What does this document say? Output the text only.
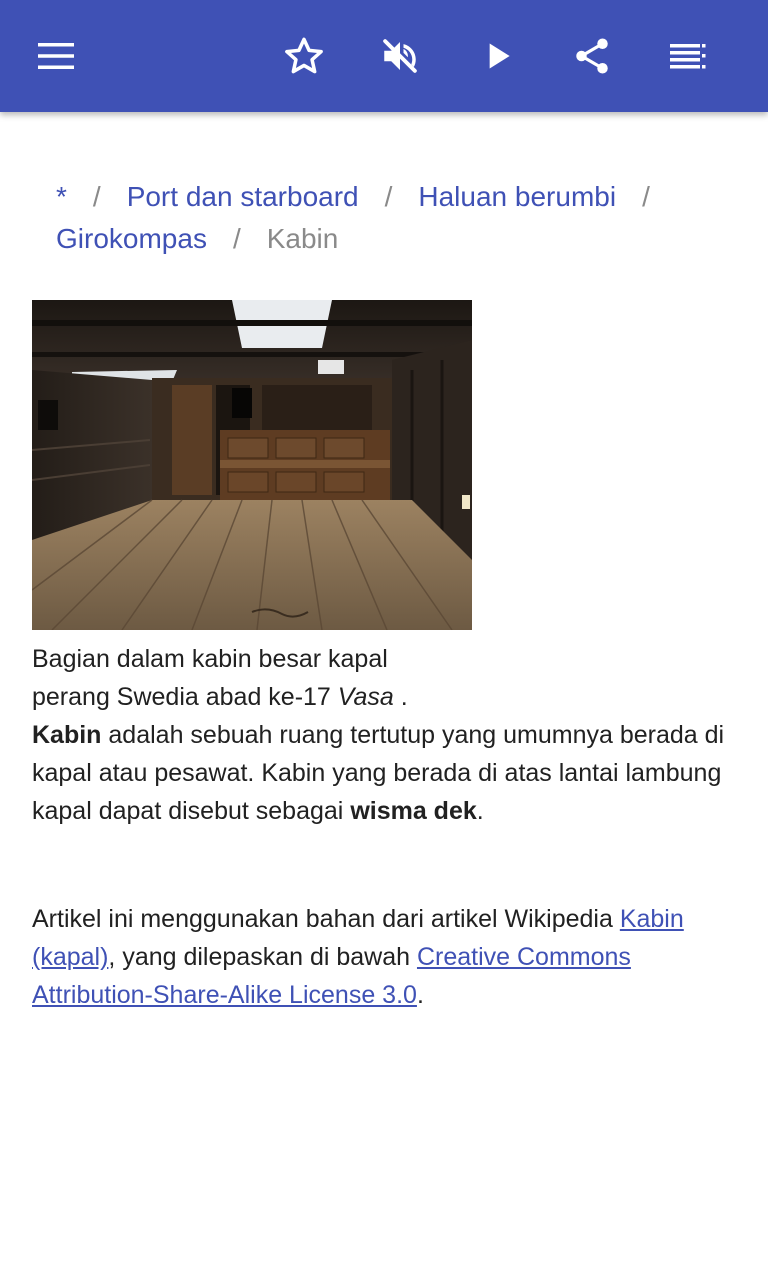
* / Port dan starboard / Haluan berumbi /
Girokompas / Kabin
Bagian dalam kabin besar kapal perang Swedia abad ke-17 Vasa .
Kabin adalah sebuah ruang tertutup yang umumnya berada di kapal atau pesawat. Kabin yang berada di atas lantai lambung kapal dapat disebut sebagai wisma dek.
Artikel ini menggunakan bahan dari artikel Wikipedia Kabin (kapal), yang dilepaskan di bawah Creative Commons Attribution-Share-Alike License 3.0.
